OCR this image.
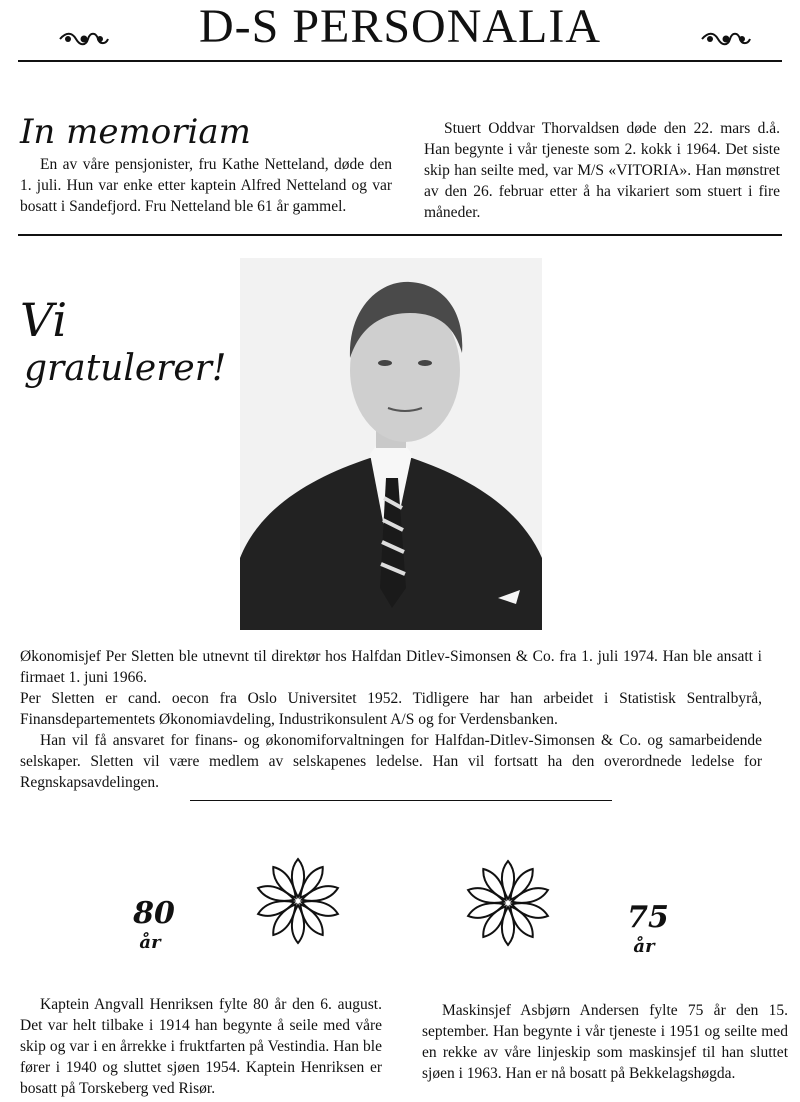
D-S PERSONALIA
In memoriam

En av våre pensjonister, fru Kathe Netteland, døde den 1. juli. Hun var enke etter kaptein Alfred Netteland og var bosatt i Sandefjord. Fru Netteland ble 61 år gammel.

Stuert Oddvar Thorvaldsen døde den 22. mars d.å. Han begynte i vår tjeneste som 2. kokk i 1964. Det siste skip han seilte med, var M/S «VITORIA». Han mønstret av den 26. februar etter å ha vikariert som stuert i fire måneder.

Vi
gratulerer!

Økonomisjef Per Sletten ble utnevnt til direktør hos Halfdan Ditlev-Simonsen & Co. fra 1. juli 1974. Han ble ansatt i firmaet 1. juni 1966.

Per Sletten er cand. oecon fra Oslo Universitet 1952. Tidligere har han arbeidet i Statistisk Sentralbyrå, Finansdepartementets Økonomiavdeling, Industrikonsulent A/S og for Verdensbanken.

Han vil få ansvaret for finans- og økonomiforvaltningen for Halfdan-Ditlev-Simonsen & Co. og samarbeidende selskaper. Sletten vil være medlem av selskapenes ledelse. Han vil fortsatt ha den overordnede ledelse for Regnskapsavdelingen.

80
år
75
år

Kaptein Angvall Henriksen fylte 80 år den 6. august. Det var helt tilbake i 1914 han begynte å seile med våre skip og var i en årrekke i fruktfarten på Vestindia. Han ble fører i 1940 og sluttet sjøen 1954. Kaptein Henriksen er bosatt på Torskeberg ved Risør.

Maskinsjef Asbjørn Andersen fylte 75 år den 15. september. Han begynte i vår tjeneste i 1951 og seilte med en rekke av våre linjeskip som maskinsjef til han sluttet sjøen i 1963. Han er nå bosatt på Bekkelagshøgda.
